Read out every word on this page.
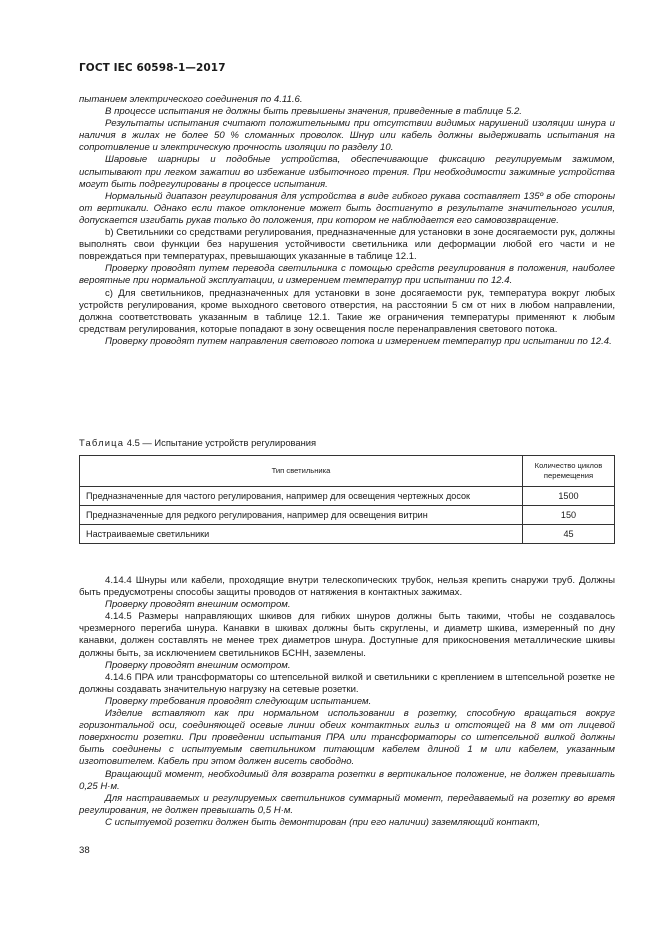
ГОСТ IEC 60598-1—2017

пытанием электрического соединения по 4.11.6.

В процессе испытания не должны быть превышены значения, приведенные в таблице 5.2.

Результаты испытания считают положительными при отсутствии видимых нарушений изоляции шнура и наличия в жилах не более 50 % сломанных проволок. Шнур или кабель должны выдерживать испытания на сопротивление и электрическую прочность изоляции по разделу 10.

Шаровые шарниры и подобные устройства, обеспечивающие фиксацию регулируемым зажимом, испытывают при легком зажатии во избежание избыточного трения. При необходимости зажимные устройства могут быть подрегулированы в процессе испытания.

Нормальный диапазон регулирования для устройства в виде гибкого рукава составляет 135º в обе стороны от вертикали. Однако если такое отклонение может быть достигнуто в результате значительного усилия, допускается изгибать рукав только до положения, при котором не наблюдается его самовозвращение.

b) Светильники со средствами регулирования, предназначенные для установки в зоне досягаемости рук, должны выполнять свои функции без нарушения устойчивости светильника или деформации любой его части и не повреждаться при температурах, превышающих указанные в таблице 12.1.

Проверку проводят путем перевода светильника с помощью средств регулирования в положения, наиболее вероятные при нормальной эксплуатации, и измерением температур при испытании по 12.4.

c) Для светильников, предназначенных для установки в зоне досягаемости рук, температура вокруг любых устройств регулирования, кроме выходного светового отверстия, на расстоянии 5 см от них в любом направлении, должна соответствовать указанным в таблице 12.1. Такие же ограничения температуры применяют к любым средствам регулирования, которые попадают в зону освещения после перенаправления светового потока.

Проверку проводят путем направления светового потока и измерением температур при испытании по 12.4.

Таблица 4.5 — Испытание устройств регулирования
Тип светильника	Количество циклов
перемещения
Предназначенные для частого регулирования, например для освещения чертежных досок	1500
Предназначенные для редкого регулирования, например для освещения витрин	150
Настраиваемые светильники	45

4.14.4 Шнуры или кабели, проходящие внутри телескопических трубок, нельзя крепить снаружи труб. Должны быть предусмотрены способы защиты проводов от натяжения в контактных зажимах.

Проверку проводят внешним осмотром.

4.14.5 Размеры направляющих шкивов для гибких шнуров должны быть такими, чтобы не создавалось чрезмерного перегиба шнура. Канавки в шкивах должны быть скруглены, и диаметр шкива, измеренный по дну канавки, должен составлять не менее трех диаметров шнура. Доступные для прикосновения металлические шкивы должны быть, за исключением светильников БСНН, заземлены.

Проверку проводят внешним осмотром.

4.14.6 ПРА или трансформаторы со штепсельной вилкой и светильники с креплением в штепсельной розетке не должны создавать значительную нагрузку на сетевые розетки.

Проверку требования проводят следующим испытанием.

Изделие вставляют как при нормальном использовании в розетку, способную вращаться вокруг горизонтальной оси, соединяющей осевые линии обеих контактных гильз и отстоящей на 8 мм от лицевой поверхности розетки. При проведении испытания ПРА или трансформаторы со штепсельной вилкой должны быть соединены с испытуемым светильником питающим кабелем длиной 1 м или кабелем, указанным изготовителем. Кабель при этом должен висеть свободно.

Вращающий момент, необходимый для возврата розетки в вертикальное положение, не должен превышать 0,25 Н·м.

Для настраиваемых и регулируемых светильников суммарный момент, передаваемый на розетку во время регулирования, не должен превышать 0,5 Н·м.

С испытуемой розетки должен быть демонтирован (при его наличии) заземляющий контакт,

38
